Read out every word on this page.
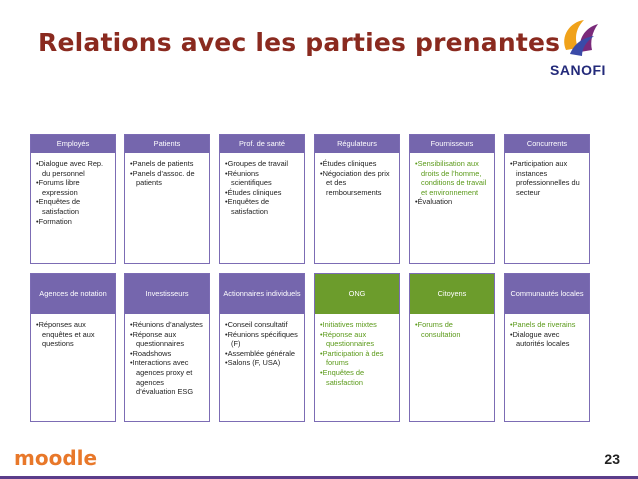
Relations avec les parties prenantes
SANOFI
Employés
• Dialogue avec Rep. du personnel
• Forums libre expression
• Enquêtes de satisfaction
• Formation
Patients
• Panels de patients
• Panels d’assoc. de patients
Prof. de santé
• Groupes de travail
• Réunions scientifiques
• Études cliniques
• Enquêtes de satisfaction
Régulateurs
• Études cliniques
• Négociation des prix et des remboursements
Fournisseurs
• Sensibilisation aux droits de l’homme, conditions de travail et environnement
• Évaluation
Concurrents
• Participation aux instances professionnelles du secteur
Agences de notation
• Réponses aux enquêtes et aux questions
Investisseurs
• Réunions d’analystes
• Réponse aux questionnaires
• Roadshows
• Interactions avec agences proxy et agences d’évaluation ESG
Actionnaires individuels
• Conseil consultatif
• Réunions spécifiques (F)
• Assemblée générale
• Salons (F, USA)
ONG
• Initiatives mixtes
• Réponse aux questionnaires
• Participation à des forums
• Enquêtes de satisfaction
Citoyens
• Forums de consultation
Communautés locales
• Panels de riverains
• Dialogue avec autorités locales
moodle	23
